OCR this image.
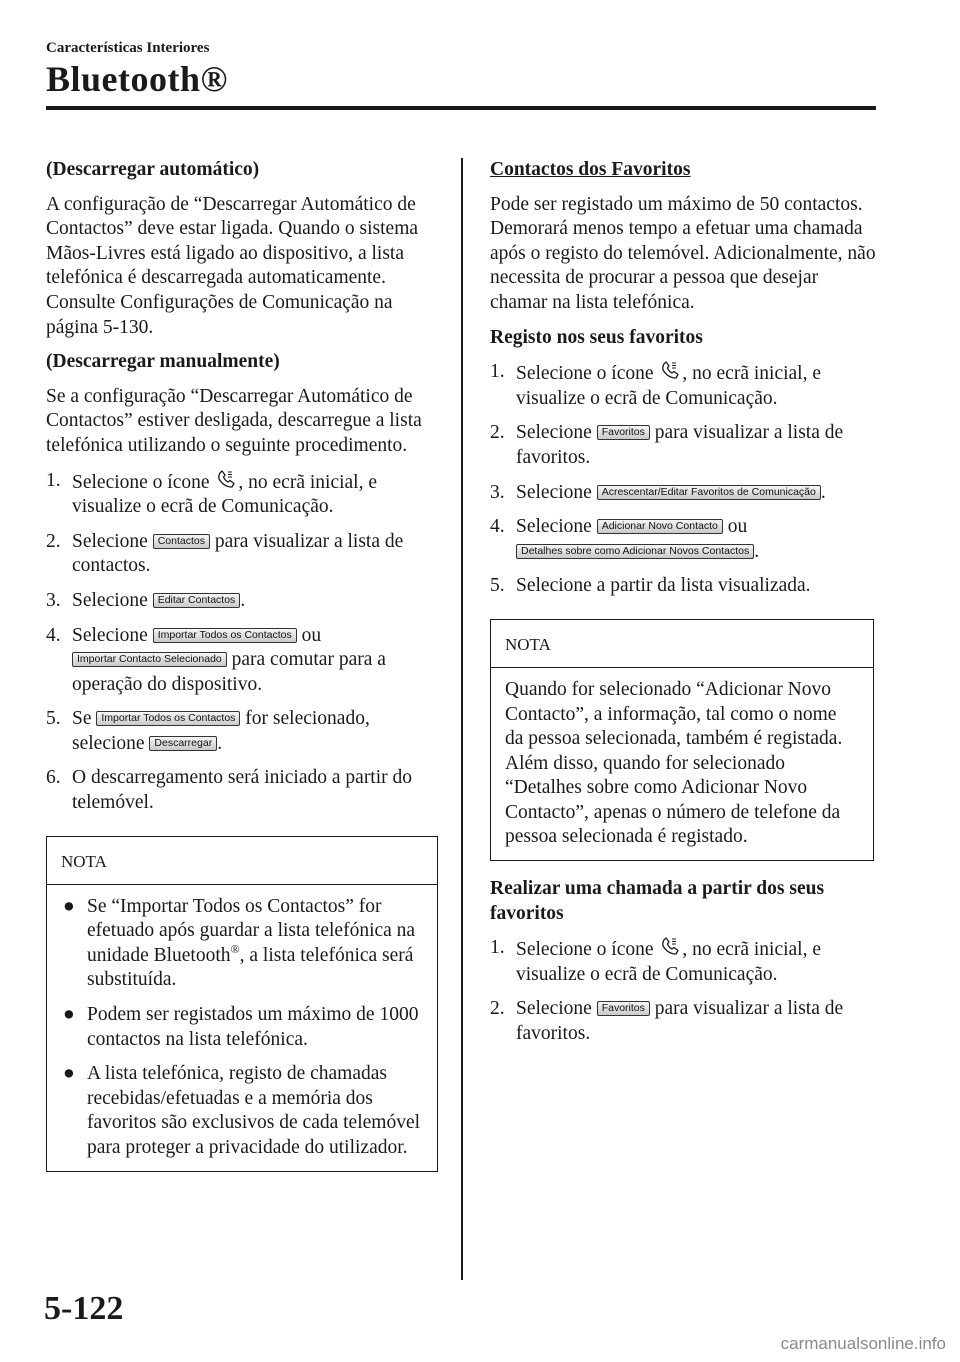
Características Interiores
Bluetooth®
(Descarregar automático)
A configuração de “Descarregar Automático de Contactos” deve estar ligada. Quando o sistema Mãos-Livres está ligado ao dispositivo, a lista telefónica é descarregada automaticamente.
Consulte Configurações de Comunicação na página 5-130.
(Descarregar manualmente)
Se a configuração “Descarregar Automático de Contactos” estiver desligada, descarregue a lista telefónica utilizando o seguinte procedimento.
1. Selecione o ícone , no ecrã inicial, e visualize o ecrã de Comunicação.
2. Selecione Contactos para visualizar a lista de contactos.
3. Selecione Editar Contactos .
4. Selecione Importar Todos os Contactos ou Importar Contacto Selecionado para comutar para a operação do dispositivo.
5. Se Importar Todos os Contactos for selecionado, selecione Descarregar .
6. O descarregamento será iniciado a partir do telemóvel.
NOTA
● Se “Importar Todos os Contactos” for efetuado após guardar a lista telefónica na unidade Bluetooth®, a lista telefónica será substituída.
● Podem ser registados um máximo de 1000 contactos na lista telefónica.
● A lista telefónica, registo de chamadas recebidas/efetuadas e a memória dos favoritos são exclusivos de cada telemóvel para proteger a privacidade do utilizador.
Contactos dos Favoritos
Pode ser registado um máximo de 50 contactos. Demorará menos tempo a efetuar uma chamada após o registo do telemóvel. Adicionalmente, não necessita de procurar a pessoa que desejar chamar na lista telefónica.
Registo nos seus favoritos
1. Selecione o ícone , no ecrã inicial, e visualize o ecrã de Comunicação.
2. Selecione Favoritos para visualizar a lista de favoritos.
3. Selecione Acrescentar/Editar Favoritos de Comunicação .
4. Selecione Adicionar Novo Contacto ou Detalhes sobre como Adicionar Novos Contactos .
5. Selecione a partir da lista visualizada.
NOTA
Quando for selecionado “Adicionar Novo Contacto”, a informação, tal como o nome da pessoa selecionada, também é registada. Além disso, quando for selecionado “Detalhes sobre como Adicionar Novo Contacto”, apenas o número de telefone da pessoa selecionada é registado.
Realizar uma chamada a partir dos seus favoritos
1. Selecione o ícone , no ecrã inicial, e visualize o ecrã de Comunicação.
2. Selecione Favoritos para visualizar a lista de favoritos.
5-122
carmanualsonline.info
